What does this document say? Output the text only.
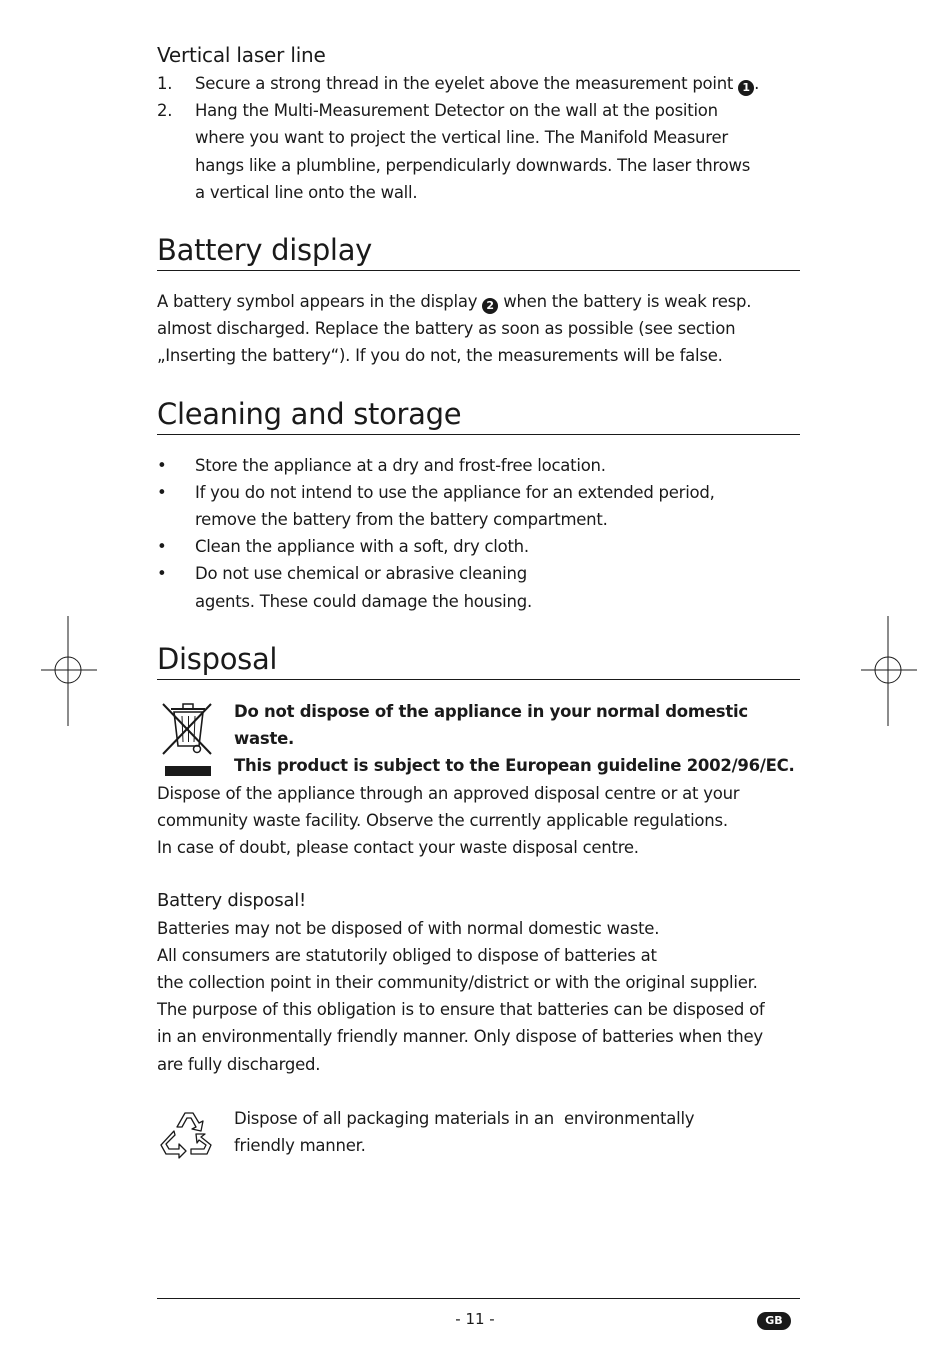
Vertical laser line
1. Secure a strong thread in the eyelet above the measurement point 1 .
2. Hang the Multi-Measurement Detector on the wall at the position where you want to project the vertical line. The Manifold Measurer hangs like a plumbline, perpendicularly downwards. The laser throws a vertical line onto the wall.
Battery display

A battery symbol appears in the display 2 when the battery is weak resp. almost discharged. Replace the battery as soon as possible (see section „Inserting the battery“). If you do not, the measurements will be false.

Cleaning and storage
• Store the appliance at a dry and frost-free location.
• If you do not intend to use the appliance for an extended period, remove the battery from the battery compartment.
• Clean the appliance with a soft, dry cloth.
• Do not use chemical or abrasive cleaning agents. These could damage the housing.
Disposal
Do not dispose of the appliance in your normal domestic waste.
This product is subject to the European guideline 2002/96/EC.
Dispose of the appliance through an approved disposal centre or at your
community waste facility. Observe the currently applicable regulations.
In case of doubt, please contact your waste disposal centre.
Battery disposal!
Batteries may not be disposed of with normal domestic waste.
All consumers are statutorily obliged to dispose of batteries at
the collection point in their community/district or with the original supplier.
The purpose of this obligation is to ensure that batteries can be disposed of
in an environmentally friendly manner. Only dispose of batteries when they
are fully discharged.
Dispose of all packaging materials in an  environmentally
friendly manner.
- 11 -	GB
